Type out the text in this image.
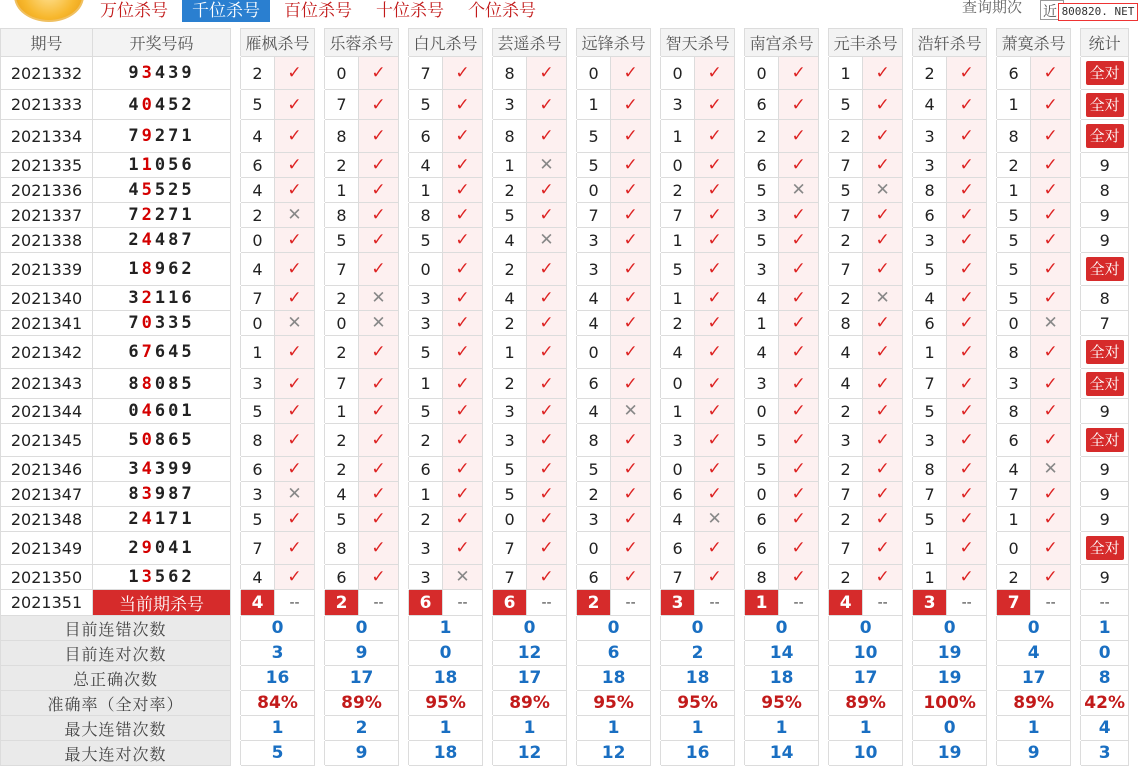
万位杀号	千位杀号	百位杀号	十位杀号	个位杀号	查询期次 近 800820. NET
期号	开奖号码		雁枫杀号			乐蓉杀号			白凡杀号			芸遥杀号			远锋杀号			智天杀号			南宫杀号			元丰杀号			浩轩杀号			萧寞杀号			统计
2021332	93439		2	✓		0	✓		7	✓		8	✓		0	✓		0	✓		0	✓		1	✓		2	✓		6	✓		全对
2021333	40452		5	✓		7	✓		5	✓		3	✓		1	✓		3	✓		6	✓		5	✓		4	✓		1	✓		全对
2021334	79271		4	✓		8	✓		6	✓		8	✓		5	✓		1	✓		2	✓		2	✓		3	✓		8	✓		全对
2021335	11056		6	✓		2	✓		4	✓		1	✕		5	✓		0	✓		6	✓		7	✓		3	✓		2	✓		9
2021336	45525		4	✓		1	✓		1	✓		2	✓		0	✓		2	✓		5	✕		5	✕		8	✓		1	✓		8
2021337	72271		2	✕		8	✓		8	✓		5	✓		7	✓		7	✓		3	✓		7	✓		6	✓		5	✓		9
2021338	24487		0	✓		5	✓		5	✓		4	✕		3	✓		1	✓		5	✓		2	✓		3	✓		5	✓		9
2021339	18962		4	✓		7	✓		0	✓		2	✓		3	✓		5	✓		3	✓		7	✓		5	✓		5	✓		全对
2021340	32116		7	✓		2	✕		3	✓		4	✓		4	✓		1	✓		4	✓		2	✕		4	✓		5	✓		8
2021341	70335		0	✕		0	✕		3	✓		2	✓		4	✓		2	✓		1	✓		8	✓		6	✓		0	✕		7
2021342	67645		1	✓		2	✓		5	✓		1	✓		0	✓		4	✓		4	✓		4	✓		1	✓		8	✓		全对
2021343	88085		3	✓		7	✓		1	✓		2	✓		6	✓		0	✓		3	✓		4	✓		7	✓		3	✓		全对
2021344	04601		5	✓		1	✓		5	✓		3	✓		4	✕		1	✓		0	✓		2	✓		5	✓		8	✓		9
2021345	50865		8	✓		2	✓		2	✓		3	✓		8	✓		3	✓		5	✓		3	✓		3	✓		6	✓		全对
2021346	34399		6	✓		2	✓		6	✓		5	✓		5	✓		0	✓		5	✓		2	✓		8	✓		4	✕		9
2021347	83987		3	✕		4	✓		1	✓		5	✓		2	✓		6	✓		0	✓		7	✓		7	✓		7	✓		9
2021348	24171		5	✓		5	✓		2	✓		0	✓		3	✓		4	✕		6	✓		2	✓		5	✓		1	✓		9
2021349	29041		7	✓		8	✓		3	✓		7	✓		0	✓		6	✓		6	✓		7	✓		1	✓		0	✓		全对
2021350	13562		4	✓		6	✓		3	✕		7	✓		6	✓		7	✓		8	✓		2	✓		1	✓		2	✓		9
2021351	当前期杀号		4	--		2	--		6	--		6	--		2	--		3	--		1	--		4	--		3	--		7	--		--
目前连错次数			0			0			1			0			0			0			0			0			0			0			1
目前连对次数			3			9			0			12			6			2			14			10			19			4			0
总正确次数			16			17			18			17			18			18			18			17			19			17			8
准确率（全对率）			84%			89%			95%			89%			95%			95%			95%			89%			100%			89%			42%
最大连错次数			1			2			1			1			1			1			1			1			0			1			4
最大连对次数			5			9			18			12			12			16			14			10			19			9			3
